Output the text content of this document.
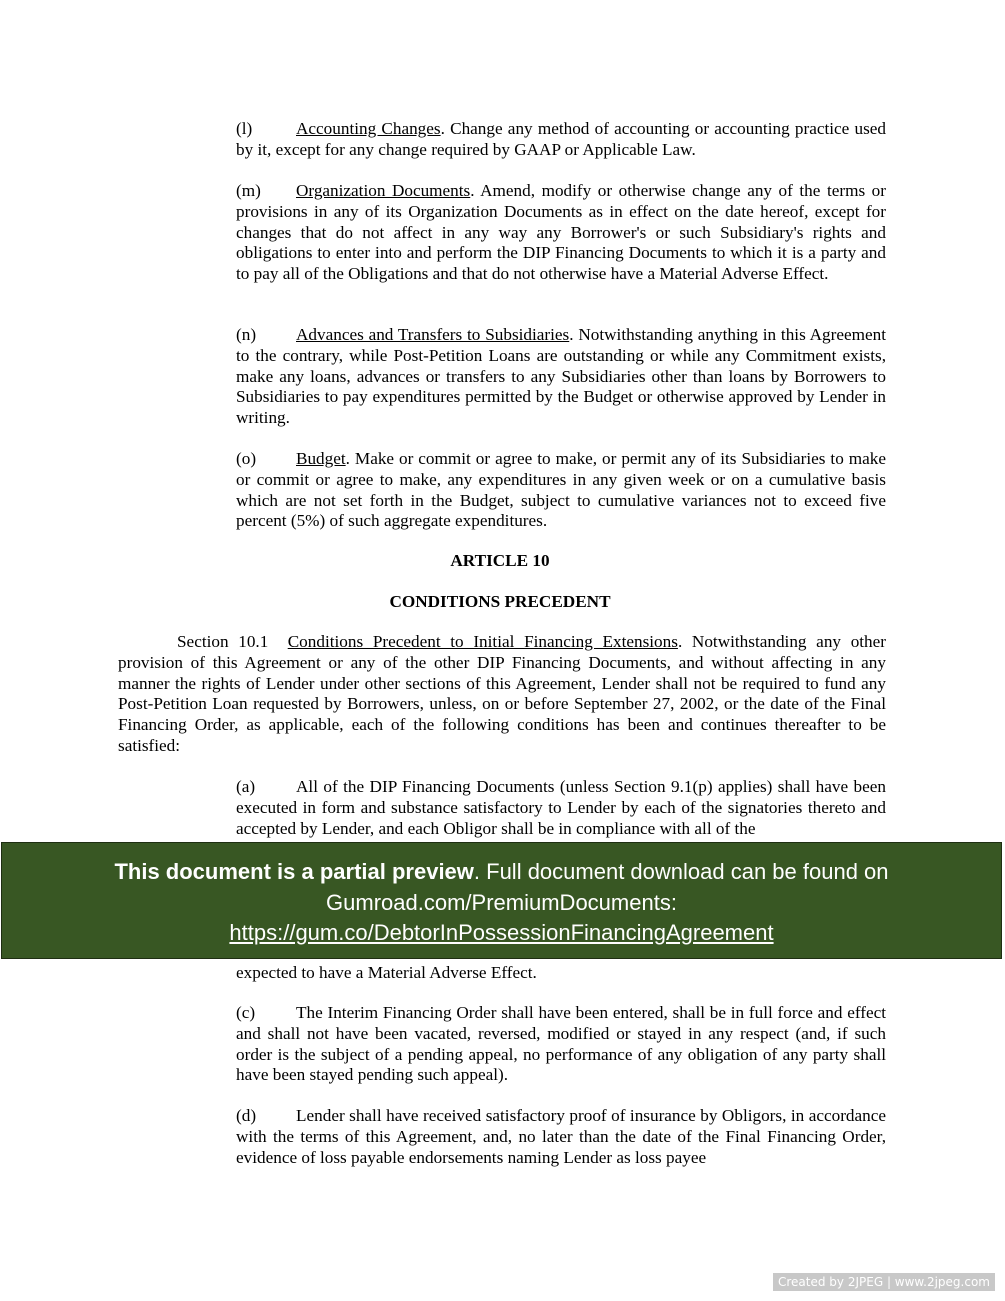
(l)	Accounting Changes. Change any method of accounting or accounting practice used by it, except for any change required by GAAP or Applicable Law.

(m) Organization Documents. Amend, modify or otherwise change any of the terms or provisions in any of its Organization Documents as in effect on the date hereof, except for changes that do not affect in any way any Borrower's or such Subsidiary's rights and obligations to enter into and perform the DIP Financing Documents to which it is a party and to pay all of the Obligations and that do not otherwise have a Material Adverse Effect.

(n) Advances and Transfers to Subsidiaries. Notwithstanding anything in this Agreement to the contrary, while Post-Petition Loans are outstanding or while any Commitment exists, make any loans, advances or transfers to any Subsidiaries other than loans by Borrowers to Subsidiaries to pay expenditures permitted by the Budget or otherwise approved by Lender in writing.

(o) Budget. Make or commit or agree to make, or permit any of its Subsidiaries to make or commit or agree to make, any expenditures in any given week or on a cumulative basis which are not set forth in the Budget, subject to cumulative variances not to exceed five percent (5%) of such aggregate expenditures.

ARTICLE 10

CONDITIONS PRECEDENT

Section 10.1 Conditions Precedent to Initial Financing Extensions. Notwithstanding any other provision of this Agreement or any of the other DIP Financing Documents, and without affecting in any manner the rights of Lender under other sections of this Agreement, Lender shall not be required to fund any Post-Petition Loan requested by Borrowers, unless, on or before September 27, 2002, or the date of the Final Financing Order, as applicable, each of the following conditions has been and continues thereafter to be satisfied:

(a) All of the DIP Financing Documents (unless Section 9.1(p) applies) shall have been executed in form and substance satisfactory to Lender by each of the signatories thereto and accepted by Lender, and each Obligor shall be in compliance with all of the

expected to have a Material Adverse Effect.

(c) The Interim Financing Order shall have been entered, shall be in full force and effect and shall not have been vacated, reversed, modified or stayed in any respect (and, if such order is the subject of a pending appeal, no performance of any obligation of any party shall have been stayed pending such appeal).

(d) Lender shall have received satisfactory proof of insurance by Obligors, in accordance with the terms of this Agreement, and, no later than the date of the Final Financing Order, evidence of loss payable endorsements naming Lender as loss payee

This document is a partial preview. Full document download can be found on
Gumroad.com/PremiumDocuments:
https://gum.co/DebtorInPossessionFinancingAgreement
Created by 2JPEG | www.2jpeg.com
